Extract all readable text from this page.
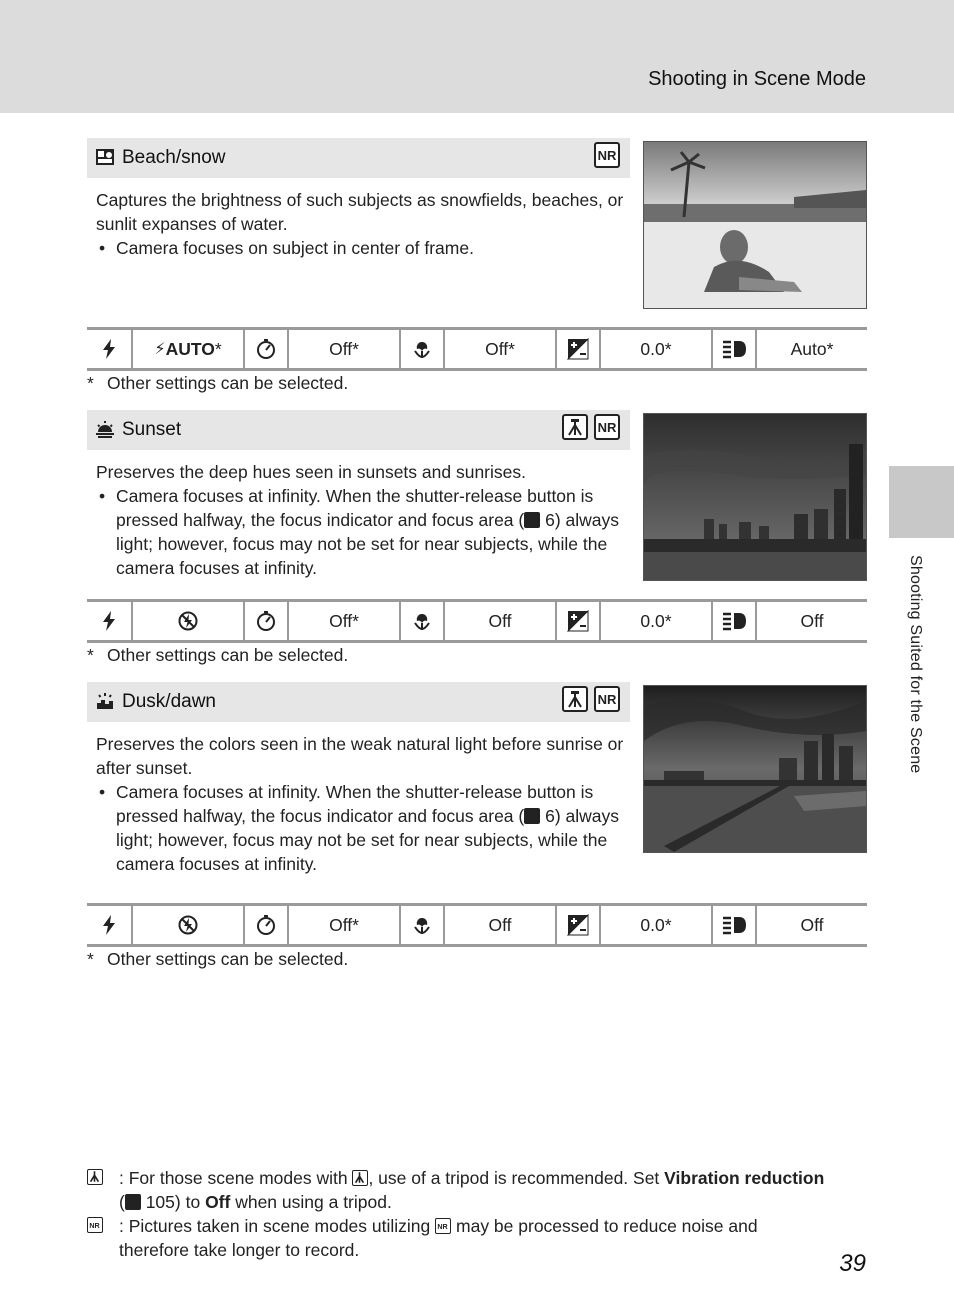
Shooting in Scene Mode
Shooting Suited for the Scene
Beach/snow	NR

Captures the brightness of such subjects as snowfields, beaches, or sunlit expanses of water.

• Camera focuses on subject in center of frame.
⚡ AUTO *	Off*	Off*	0.0*	Auto*
* Other settings can be selected.
Sunset	NR

Preserves the deep hues seen in sunsets and sunrises.

• Camera focuses at infinity. When the shutter-release button is pressed halfway, the focus indicator and focus area ( 6) always light; however, focus may not be set for near subjects, while the camera focuses at infinity.
Off*	Off	0.0*	Off
* Other settings can be selected.
Dusk/dawn	NR

Preserves the colors seen in the weak natural light before sunrise or after sunset.

• Camera focuses at infinity. When the shutter-release button is pressed halfway, the focus indicator and focus area ( 6) always light; however, focus may not be set for near subjects, while the camera focuses at infinity.
Off*	Off	0.0*	Off
* Other settings can be selected.
: For those scene modes with
, use of a tripod is recommended. Set Vibration reduction ( 105) to Off when using a tripod.
NR : Pictures taken in scene modes utilizing NR may be processed to reduce noise and therefore take longer to record.	39
